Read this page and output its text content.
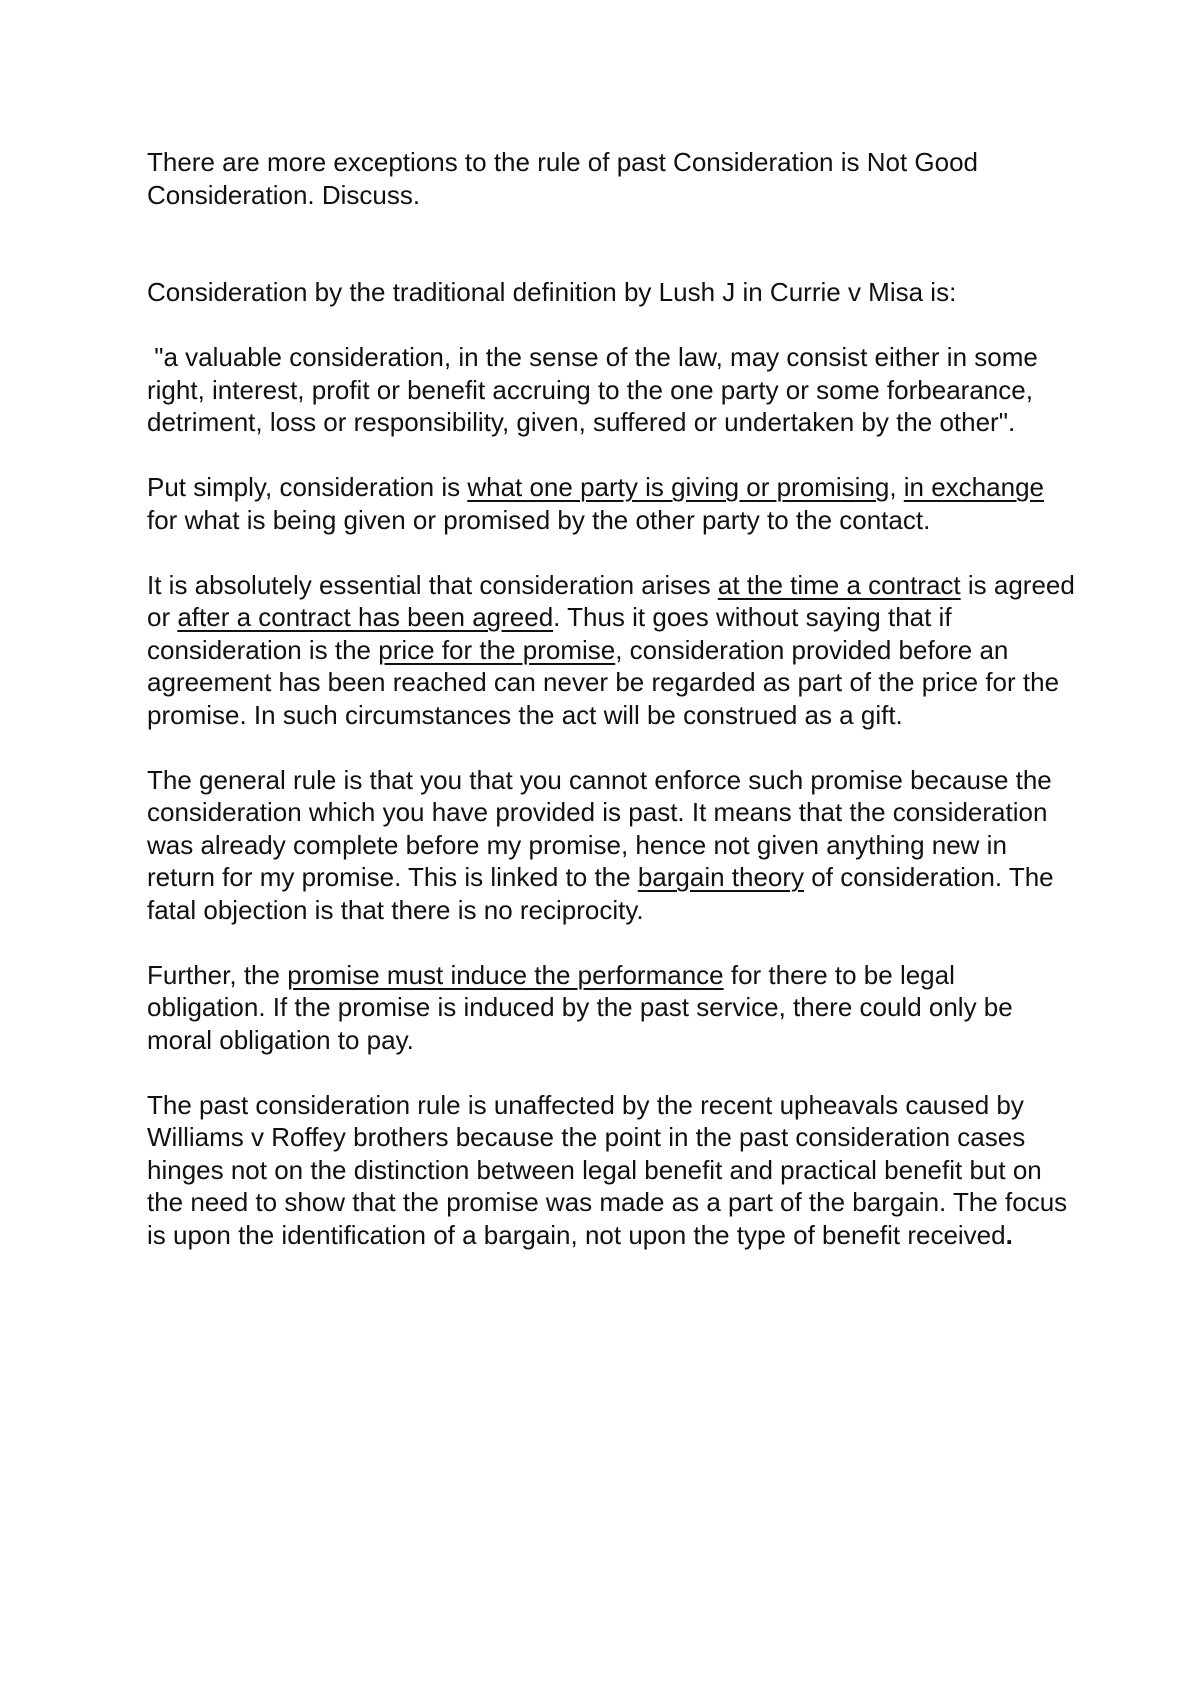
There are more exceptions to the rule of past Consideration is Not Good Consideration. Discuss.

Consideration by the traditional definition by Lush J in Currie v Misa is:

"a valuable consideration, in the sense of the law, may consist either in some right, interest, profit or benefit accruing to the one party or some forbearance, detriment, loss or responsibility, given, suffered or undertaken by the other".

Put simply, consideration is what one party is giving or promising, in exchange for what is being given or promised by the other party to the contact.

It is absolutely essential that consideration arises at the time a contract is agreed or after a contract has been agreed. Thus it goes without saying that if consideration is the price for the promise, consideration provided before an agreement has been reached can never be regarded as part of the price for the promise. In such circumstances the act will be construed as a gift.

The general rule is that you that you cannot enforce such promise because the consideration which you have provided is past. It means that the consideration was already complete before my promise, hence not given anything new in return for my promise. This is linked to the bargain theory of consideration. The fatal objection is that there is no reciprocity.

Further, the promise must induce the performance for there to be legal obligation. If the promise is induced by the past service, there could only be moral obligation to pay.

The past consideration rule is unaffected by the recent upheavals caused by Williams v Roffey brothers because the point in the past consideration cases hinges not on the distinction between legal benefit and practical benefit but on the need to show that the promise was made as a part of the bargain. The focus is upon the identification of a bargain, not upon the type of benefit received.
